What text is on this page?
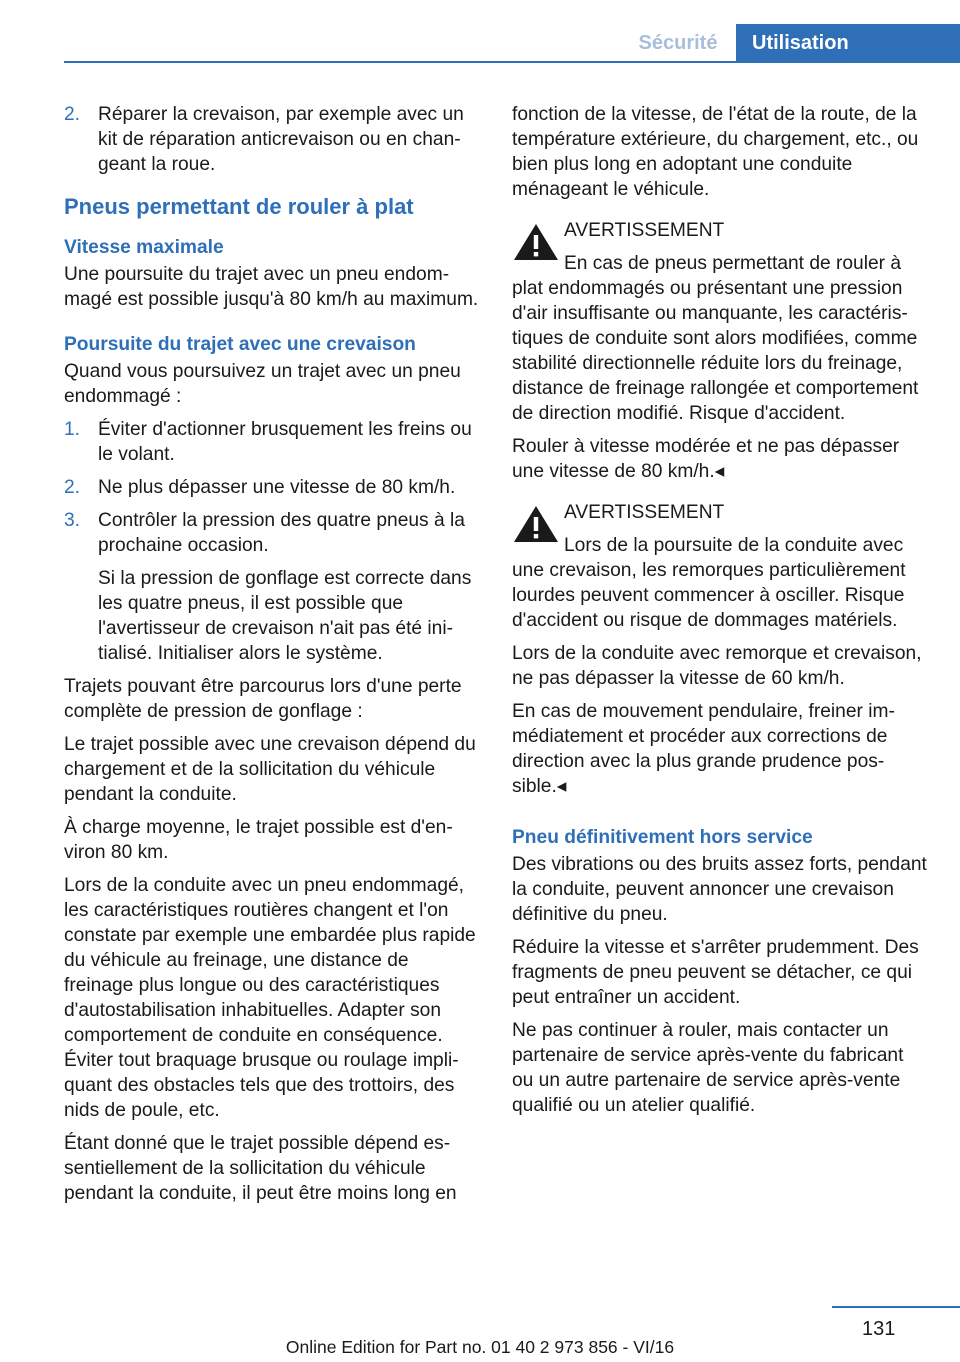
Sécurité	Utilisation
2. Réparer la crevaison, par exemple avec un kit de réparation anticrevaison ou en changeant la roue.
Pneus permettant de rouler à plat
Vitesse maximale

Une poursuite du trajet avec un pneu endommagé est possible jusqu'à 80 km/h au maximum.

Poursuite du trajet avec une crevaison

Quand vous poursuivez un trajet avec un pneu endommagé :

1. Éviter d'actionner brusquement les freins ou le volant.
2. Ne plus dépasser une vitesse de 80 km/h.
3. Contrôler la pression des quatre pneus à la prochaine occasion.

Si la pression de gonflage est correcte dans les quatre pneus, il est possible que l'avertisseur de crevaison n'ait pas été initialisé. Initialiser alors le système.

Trajets pouvant être parcourus lors d'une perte complète de pression de gonflage :

Le trajet possible avec une crevaison dépend du chargement et de la sollicitation du véhicule pendant la conduite.

À charge moyenne, le trajet possible est d'environ 80 km.

Lors de la conduite avec un pneu endommagé, les caractéristiques routières changent et l'on constate par exemple une embardée plus rapide du véhicule au freinage, une distance de freinage plus longue ou des caractéristiques d'autostabilisation inhabituelles. Adapter son comportement de conduite en conséquence. Éviter tout braquage brusque ou roulage impliquant des obstacles tels que des trottoirs, des nids de poule, etc.

Étant donné que le trajet possible dépend essentiellement de la sollicitation du véhicule pendant la conduite, il peut être moins long en

fonction de la vitesse, de l'état de la route, de la température extérieure, du chargement, etc., ou bien plus long en adoptant une conduite ménageant le véhicule.

AVERTISSEMENT

En cas de pneus permettant de rouler à plat endommagés ou présentant une pression d'air insuffisante ou manquante, les caractéristiques de conduite sont alors modifiées, comme stabilité directionnelle réduite lors du freinage, distance de freinage rallongée et comportement de direction modifié. Risque d'accident.

Rouler à vitesse modérée et ne pas dépasser une vitesse de 80 km/h.◂

AVERTISSEMENT

Lors de la poursuite de la conduite avec une crevaison, les remorques particulièrement lourdes peuvent commencer à osciller. Risque d'accident ou risque de dommages matériels.

Lors de la conduite avec remorque et crevaison, ne pas dépasser la vitesse de 60 km/h.

En cas de mouvement pendulaire, freiner immédiatement et procéder aux corrections de direction avec la plus grande prudence possible.◂

Pneu définitivement hors service

Des vibrations ou des bruits assez forts, pendant la conduite, peuvent annoncer une crevaison définitive du pneu.

Réduire la vitesse et s'arrêter prudemment. Des fragments de pneu peuvent se détacher, ce qui peut entraîner un accident.

Ne pas continuer à rouler, mais contacter un partenaire de service après-vente du fabricant ou un autre partenaire de service après-vente qualifié ou un atelier qualifié.

131
Online Edition for Part no. 01 40 2 973 856 - VI/16
